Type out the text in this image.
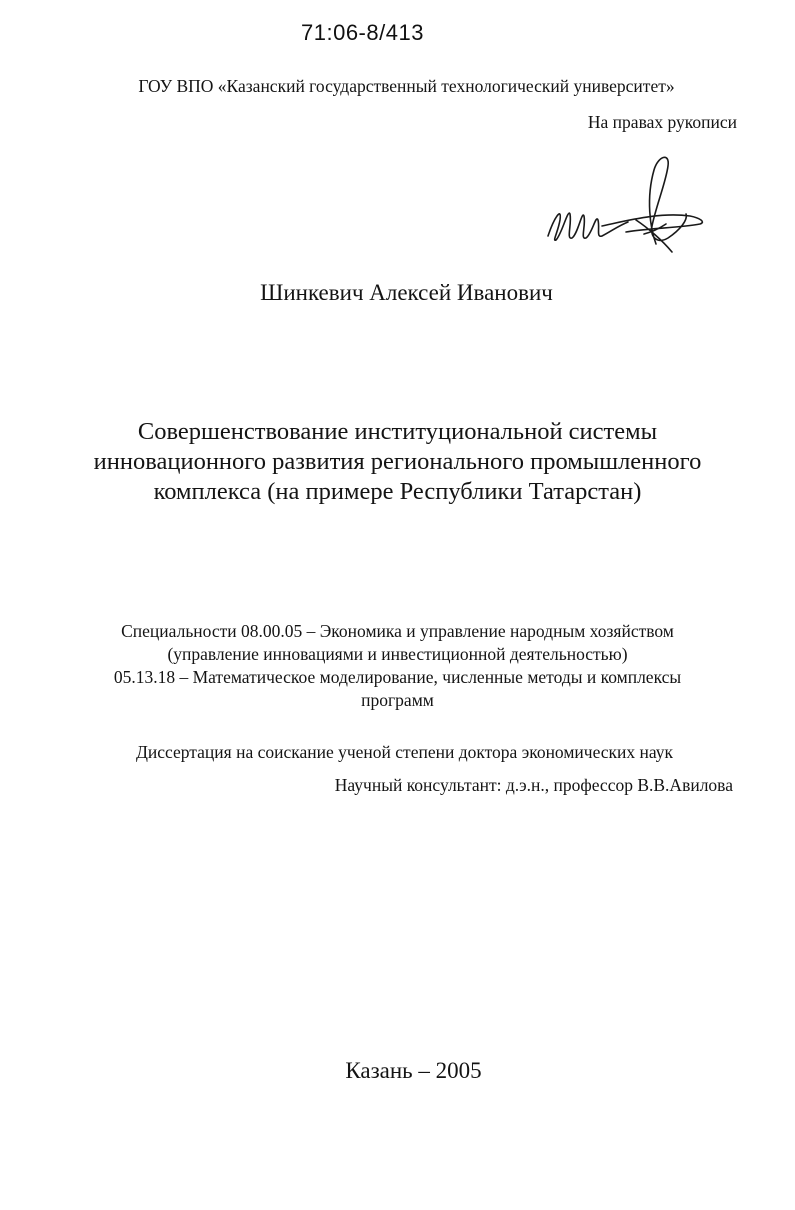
71:06-8/413
ГОУ ВПО «Казанский государственный технологический университет»
На правах рукописи
Шинкевич Алексей Иванович
Совершенствование институциональной системы
инновационного развития регионального промышленного
комплекса (на примере Республики Татарстан)
Специальности 08.00.05 – Экономика и управление народным хозяйством
(управление инновациями и инвестиционной деятельностью)
05.13.18 – Математическое моделирование, численные методы и комплексы
программ
Диссертация на соискание ученой степени доктора экономических наук
Научный консультант: д.э.н., профессор В.В.Авилова
Казань – 2005
